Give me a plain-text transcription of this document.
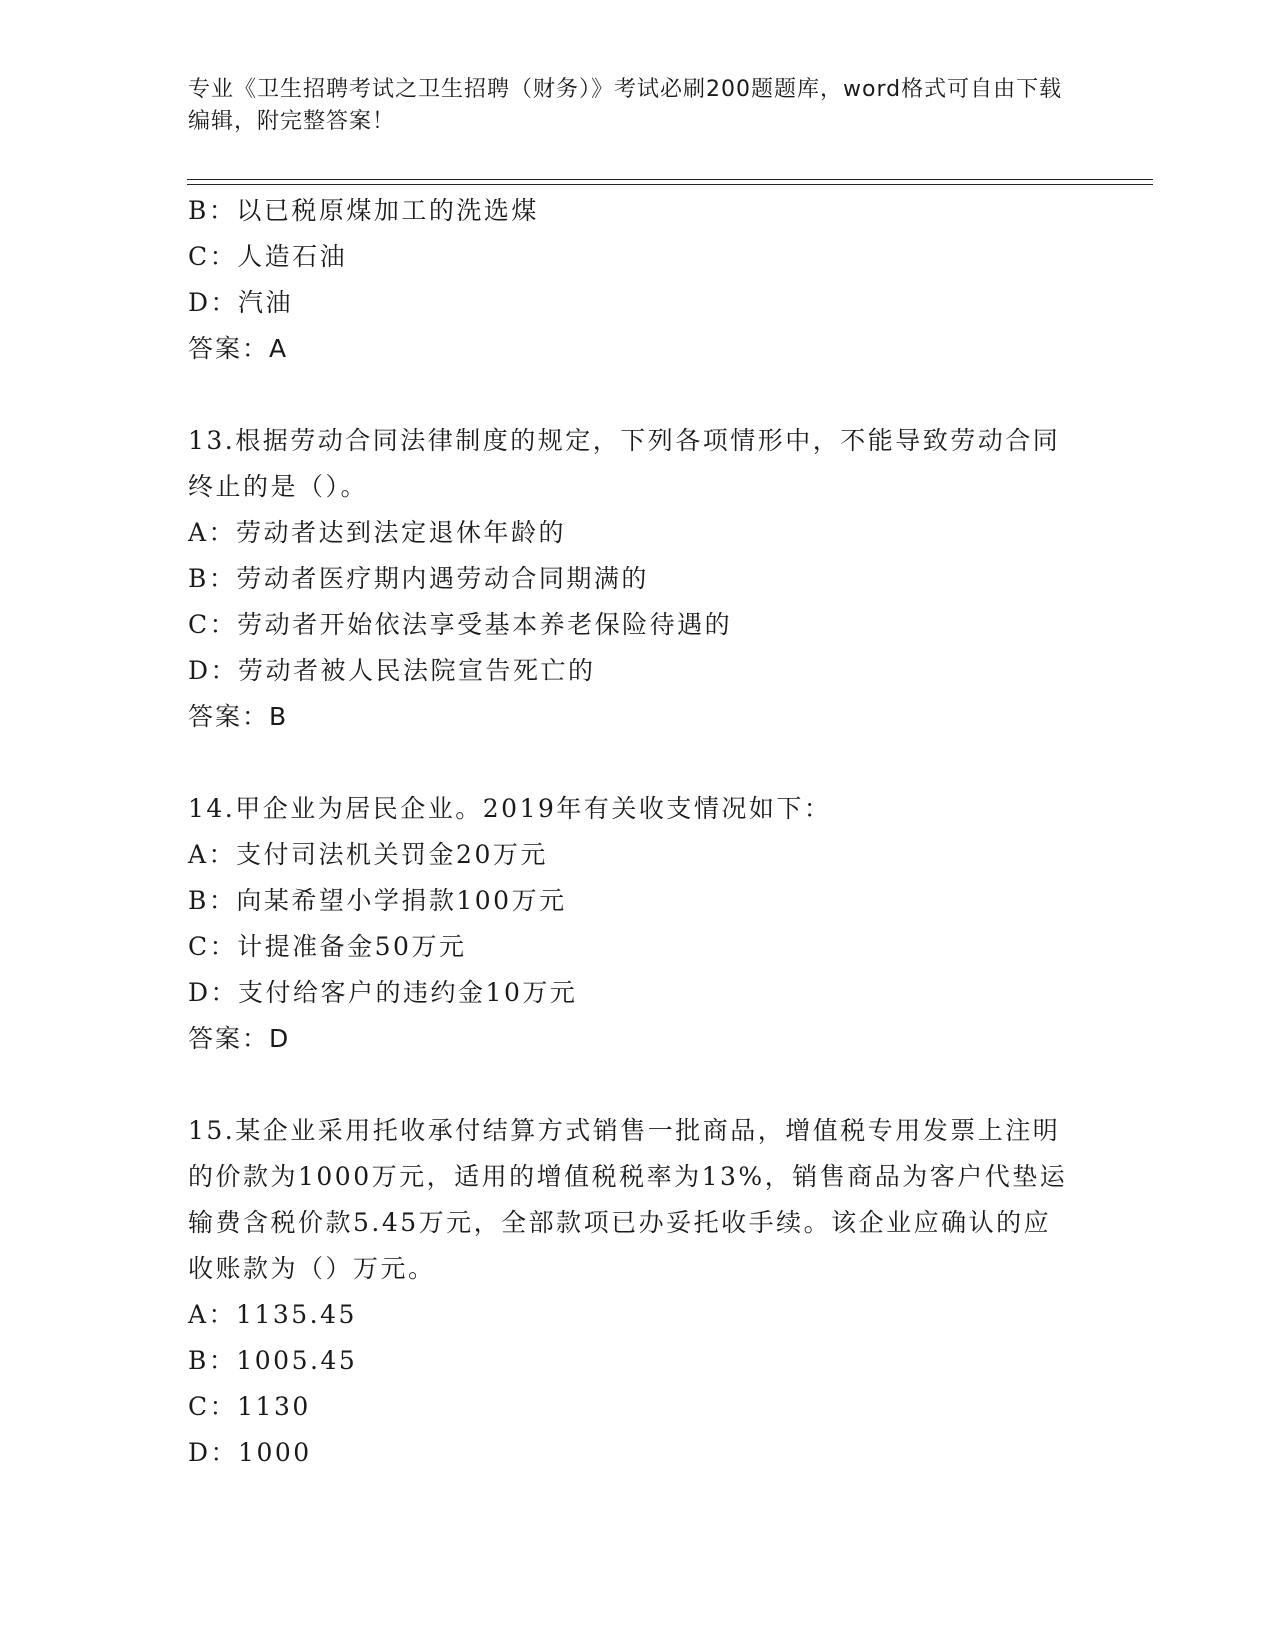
专业《卫生招聘考试之卫生招聘（财务）》考试必刷200题题库，word格式可自由下载编辑，附完整答案！
B：以已税原煤加工的洗选煤
C：人造石油
D：汽油
答案：A
13.根据劳动合同法律制度的规定，下列各项情形中，不能导致劳动合同终止的是（）。
A：劳动者达到法定退休年龄的
B：劳动者医疗期内遇劳动合同期满的
C：劳动者开始依法享受基本养老保险待遇的
D：劳动者被人民法院宣告死亡的
答案：B
14.甲企业为居民企业。2019年有关收支情况如下：
A：支付司法机关罚金20万元
B：向某希望小学捐款100万元
C：计提准备金50万元
D：支付给客户的违约金10万元
答案：D
15.某企业采用托收承付结算方式销售一批商品，增值税专用发票上注明的价款为1000万元，适用的增值税税率为13%，销售商品为客户代垫运输费含税价款5.45万元，全部款项已办妥托收手续。该企业应确认的应收账款为（）万元。
A：1135.45
B：1005.45
C：1130
D：1000
